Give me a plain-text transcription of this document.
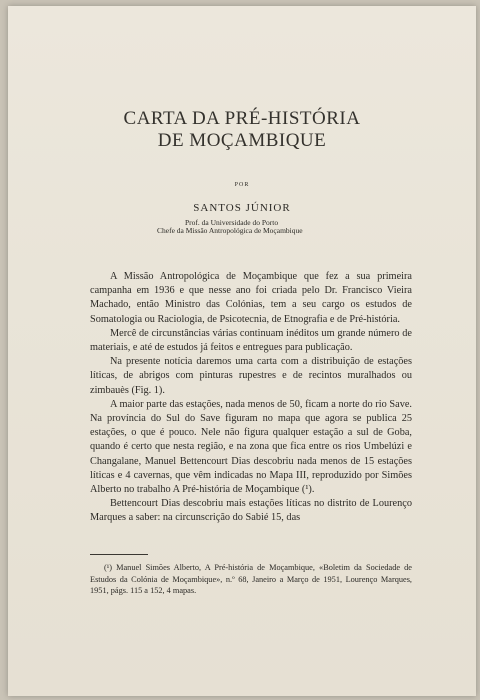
CARTA DA PRÉ-HISTÓRIA
DE MOÇAMBIQUE
POR
SANTOS JÚNIOR
Prof. da Universidade do Porto
Chefe da Missão Antropológica de Moçambique

A Missão Antropológica de Moçambique que fez a sua primeira campanha em 1936 e que nesse ano foi criada pelo Dr. Francisco Vieira Machado, então Ministro das Colónias, tem a seu cargo os estudos de Somatologia ou Raciologia, de Psicotecnia, de Etnografia e de Pré-história.

Mercê de circunstâncias várias continuam inéditos um grande número de materiais, e até de estudos já feitos e entregues para publicação.

Na presente notícia daremos uma carta com a distribuição de estações líticas, de abrigos com pinturas rupestres e de recintos muralhados ou zimbauès (Fig. 1).

A maior parte das estações, nada menos de 50, ficam a norte do rio Save. Na província do Sul do Save figuram no mapa que agora se publica 25 estações, o que é pouco. Nele não figura qualquer estação a sul de Goba, quando é certo que nesta região, e na zona que fica entre os rios Umbelúzi e Changalane, Manuel Bettencourt Dias descobriu nada menos de 15 estações líticas e 4 cavernas, que vêm indicadas no Mapa III, reproduzido por Simões Alberto no trabalho A Pré-história de Moçambique (¹).

Bettencourt Dias descobriu mais estações líticas no distrito de Lourenço Marques a saber: na circunscrição do Sabié 15, das

(¹) Manuel Simões Alberto, A Pré-história de Moçambique, «Boletim da Sociedade de Estudos da Colónia de Moçambique», n.º 68, Janeiro a Março de 1951, Lourenço Marques, 1951, págs. 115 a 152, 4 mapas.
